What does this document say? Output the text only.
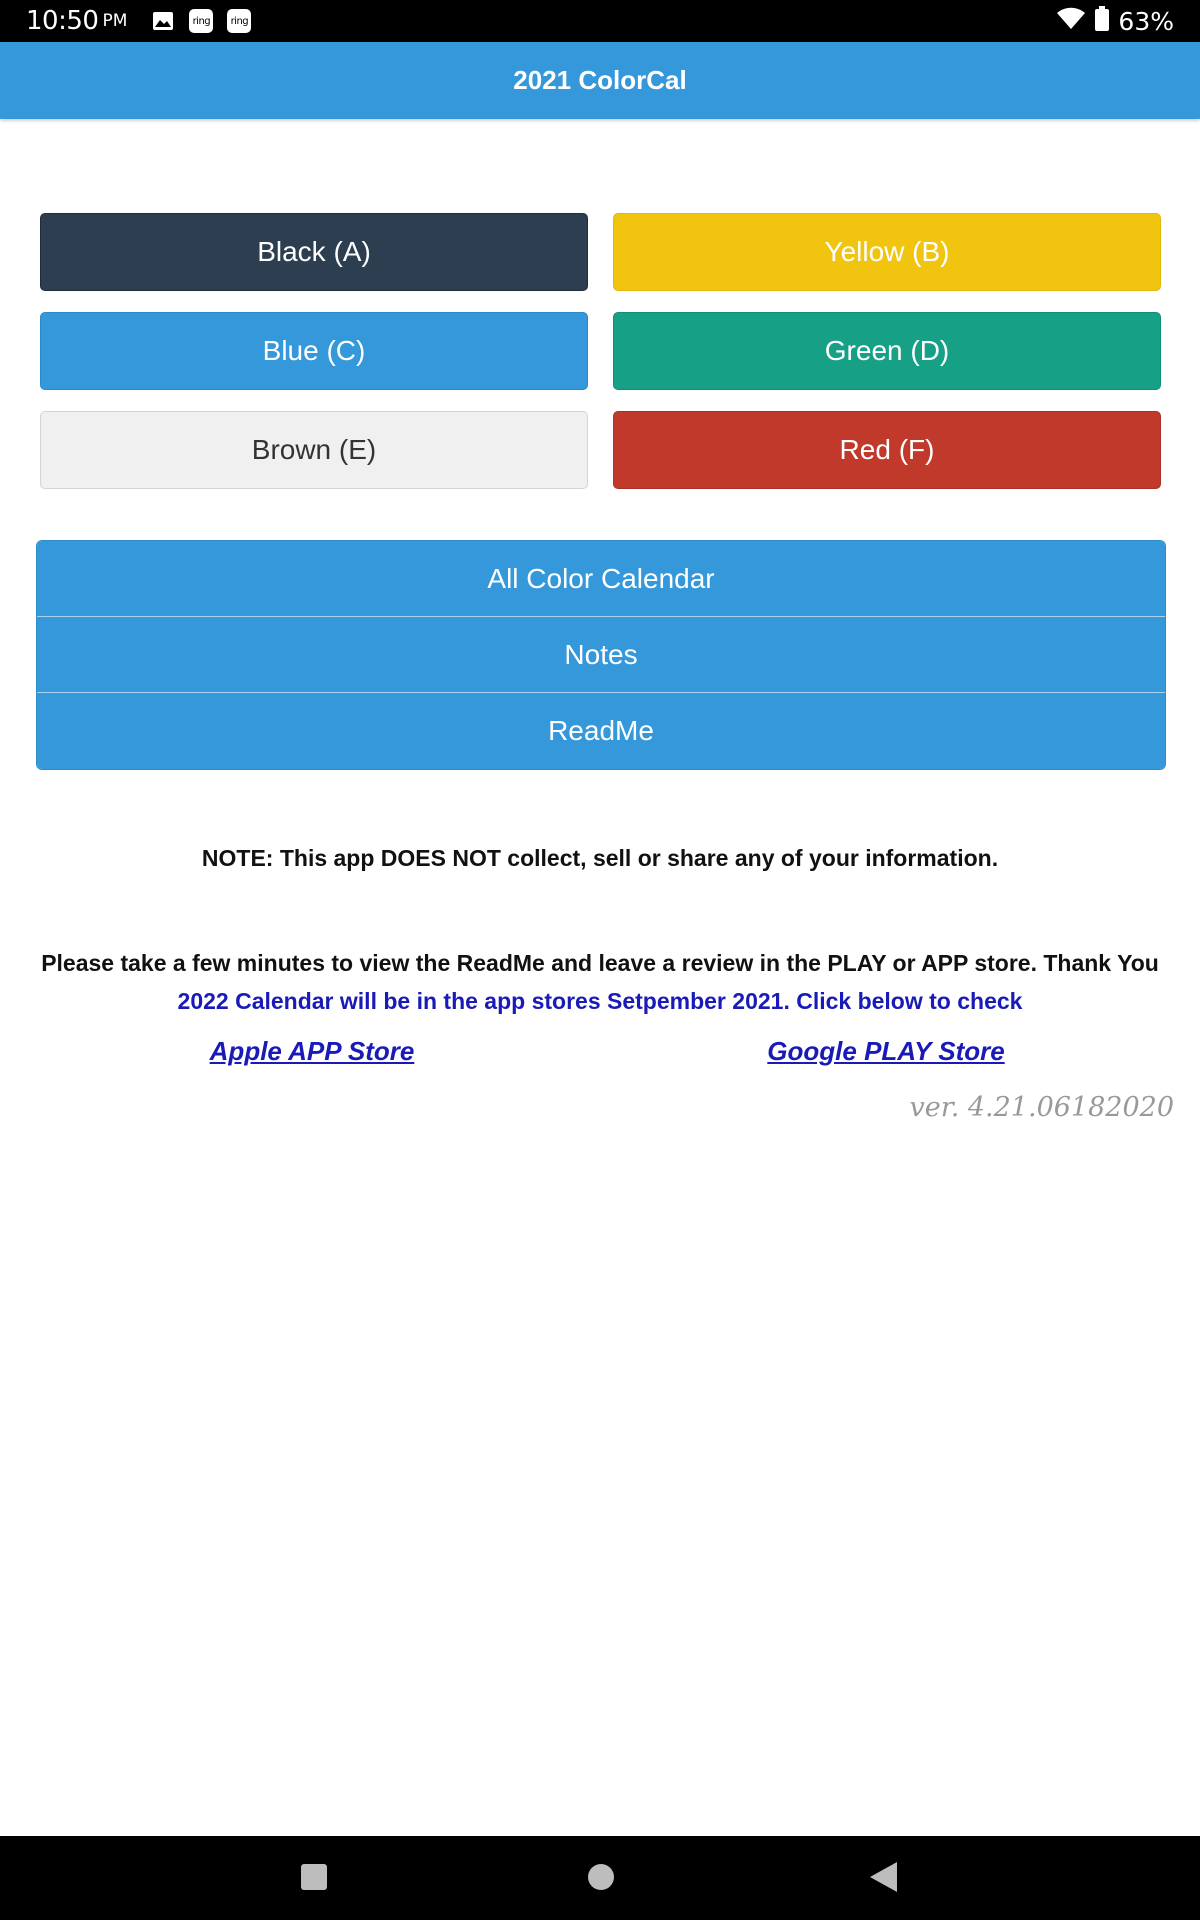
10:50 PM	ring	ring	63%
2021 ColorCal
Black (A)	Yellow (B)
Blue (C)	Green (D)
Brown (E)	Red (F)
All Color Calendar
Notes
ReadMe
NOTE: This app DOES NOT collect, sell or share any of your information.
Please take a few minutes to view the ReadMe and leave a review in the PLAY or APP store. Thank You
2022 Calendar will be in the app stores Setpember 2021. Click below to check
Apple APP Store	Google PLAY Store
ver. 4.21.06182020
